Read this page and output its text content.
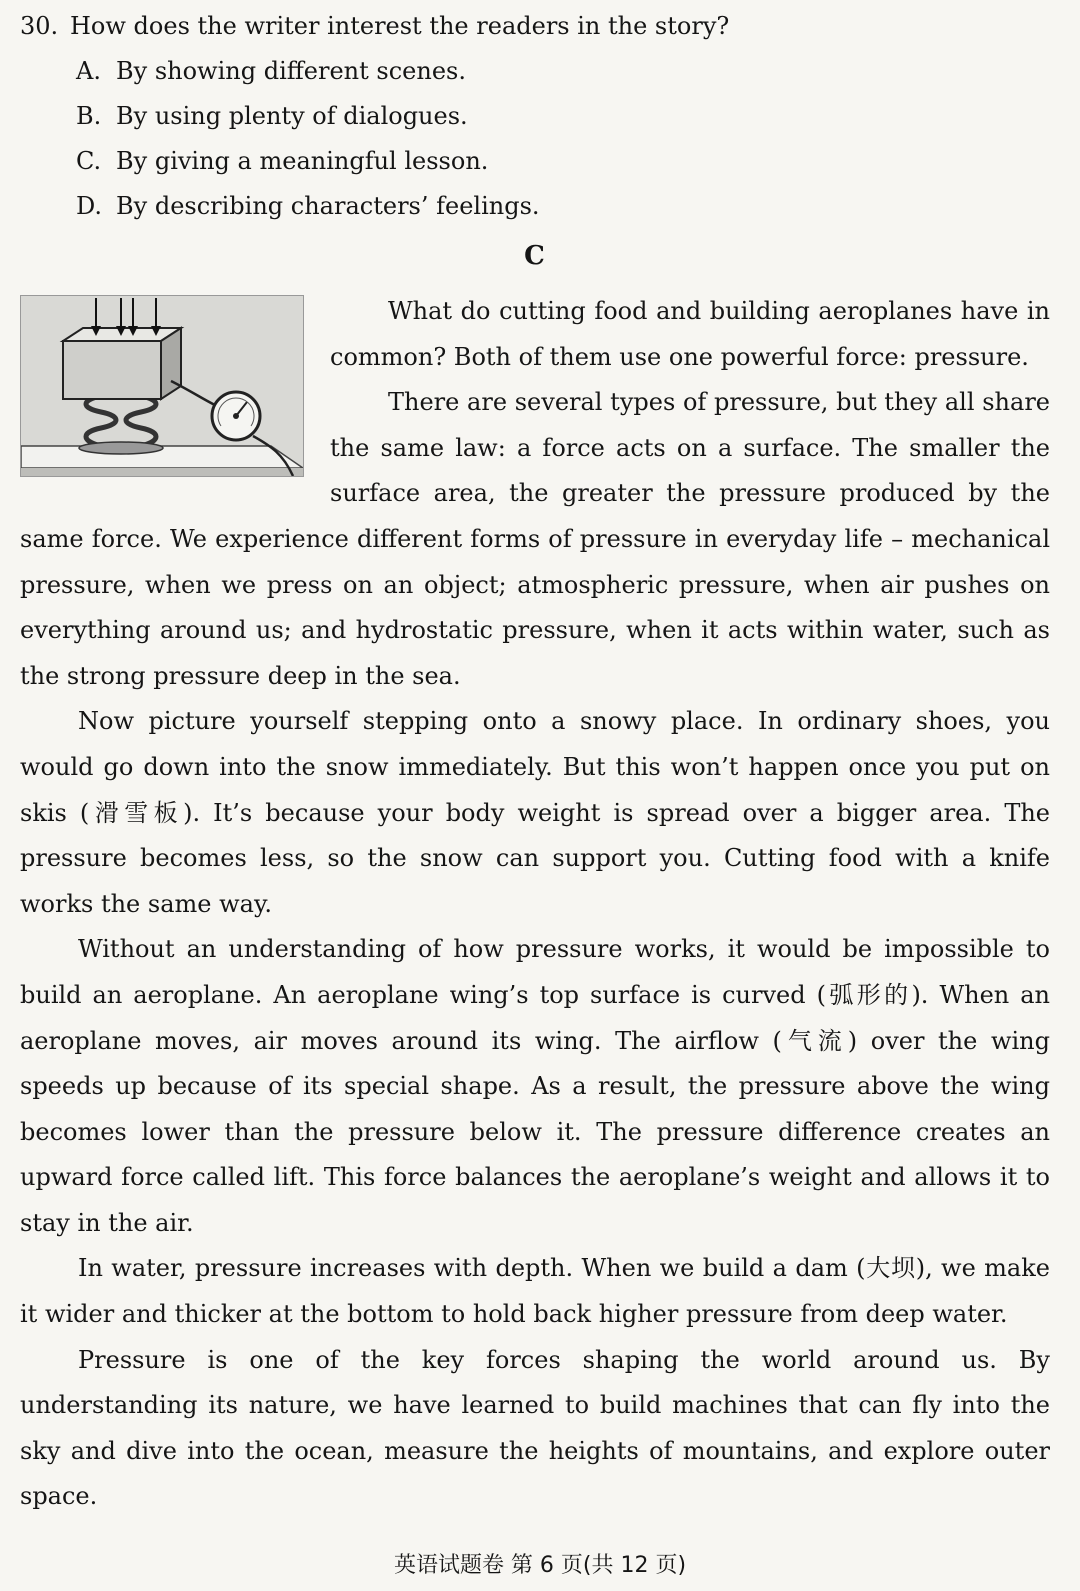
30. How does the writer interest the readers in the story?
A. By showing different scenes.
B. By using plenty of dialogues.
C. By giving a meaningful lesson.
D. By describing characters’ feelings.
C

What do cutting food and building aeroplanes have in common? Both of them use one powerful force: pressure.

There are several types of pressure, but they all share the same law: a force acts on a surface. The smaller the surface area, the greater the pressure produced by the same force. We experience different forms of pressure in everyday life – mechanical pressure, when we press on an object; atmospheric pressure, when air pushes on everything around us; and hydrostatic pressure, when it acts within water, such as the strong pressure deep in the sea.

Now picture yourself stepping onto a snowy place. In ordinary shoes, you would go down into the snow immediately. But this won’t happen once you put on skis (滑雪板). It’s because your body weight is spread over a bigger area. The pressure becomes less, so the snow can support you. Cutting food with a knife works the same way.

Without an understanding of how pressure works, it would be impossible to build an aeroplane. An aeroplane wing’s top surface is curved (弧形的). When an aeroplane moves, air moves around its wing. The airflow (气流) over the wing speeds up because of its special shape. As a result, the pressure above the wing becomes lower than the pressure below it. The pressure difference creates an upward force called lift. This force balances the aeroplane’s weight and allows it to stay in the air.

In water, pressure increases with depth. When we build a dam (大坝), we make it wider and thicker at the bottom to hold back higher pressure from deep water.

Pressure is one of the key forces shaping the world around us. By understanding its nature, we have learned to build machines that can fly into the sky and dive into the ocean, measure the heights of mountains, and explore outer space.

英语试题卷 第 6 页(共 12 页)
